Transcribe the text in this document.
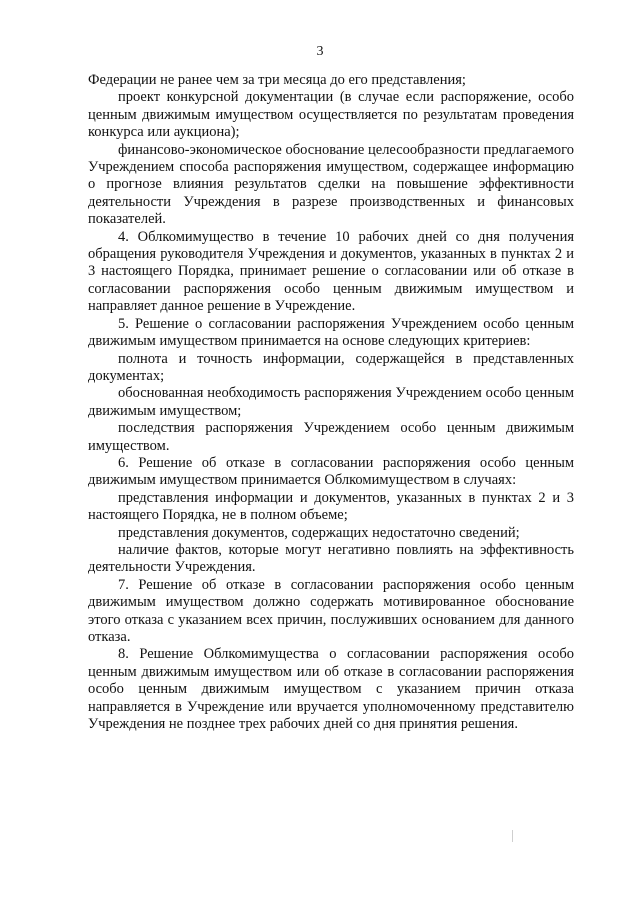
3

Федерации не ранее чем за три месяца до его представления;

проект конкурсной документации (в случае если распоряжение, особо ценным движимым имуществом осуществляется по результатам проведения конкурса или аукциона);

финансово-экономическое обоснование целесообразности предлагаемого Учреждением способа распоряжения имуществом, содержащее информацию о прогнозе влияния результатов сделки на повышение эффективности деятельности Учреждения в разрезе производственных и финансовых показателей.

4. Облкомимущество в течение 10 рабочих дней со дня получения обращения руководителя Учреждения и документов, указанных в пунктах 2 и 3 настоящего Порядка, принимает решение о согласовании или об отказе в согласовании распоряжения особо ценным движимым имуществом и направляет данное решение в Учреждение.

5. Решение о согласовании распоряжения Учреждением особо ценным движимым имуществом принимается на основе следующих критериев:

полнота и точность информации, содержащейся в представленных документах;

обоснованная необходимость распоряжения Учреждением особо ценным движимым имуществом;

последствия распоряжения Учреждением особо ценным движимым имуществом.

6. Решение об отказе в согласовании распоряжения особо ценным движимым имуществом принимается Облкомимуществом в случаях:

представления информации и документов, указанных в пунктах 2 и 3 настоящего Порядка, не в полном объеме;

представления документов, содержащих недостаточно сведений;

наличие фактов, которые могут негативно повлиять на эффективность деятельности Учреждения.

7. Решение об отказе в согласовании распоряжения особо ценным движимым имуществом должно содержать мотивированное обоснование этого отказа с указанием всех причин, послуживших основанием для данного отказа.

8. Решение Облкомимущества о согласовании распоряжения особо ценным движимым имуществом или об отказе в согласовании распоряжения особо ценным движимым имуществом с указанием причин отказа направляется в Учреждение или вручается уполномоченному представителю Учреждения не позднее трех рабочих дней со дня принятия решения.
